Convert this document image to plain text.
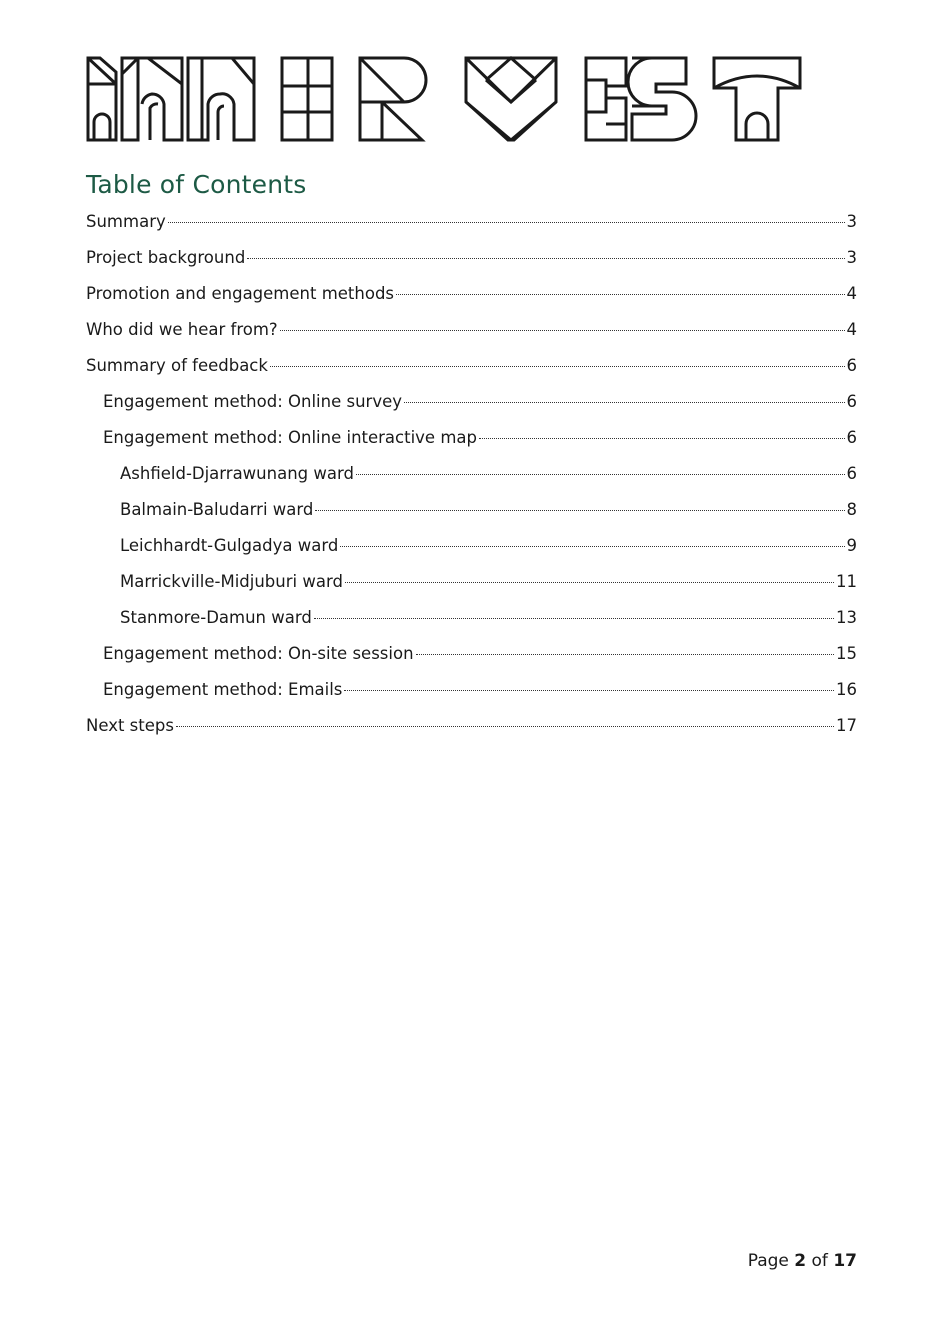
Table of Contents
Summary	3
Project background	3
Promotion and engagement methods	4
Who did we hear from?	4
Summary of feedback	6
Engagement method: Online survey	6
Engagement method: Online interactive map	6
Ashfield-Djarrawunang ward	6
Balmain-Baludarri ward	8
Leichhardt-Gulgadya ward	9
Marrickville-Midjuburi ward	11
Stanmore-Damun ward	13
Engagement method: On-site session	15
Engagement method: Emails	16
Next steps	17
Page 2 of 17
